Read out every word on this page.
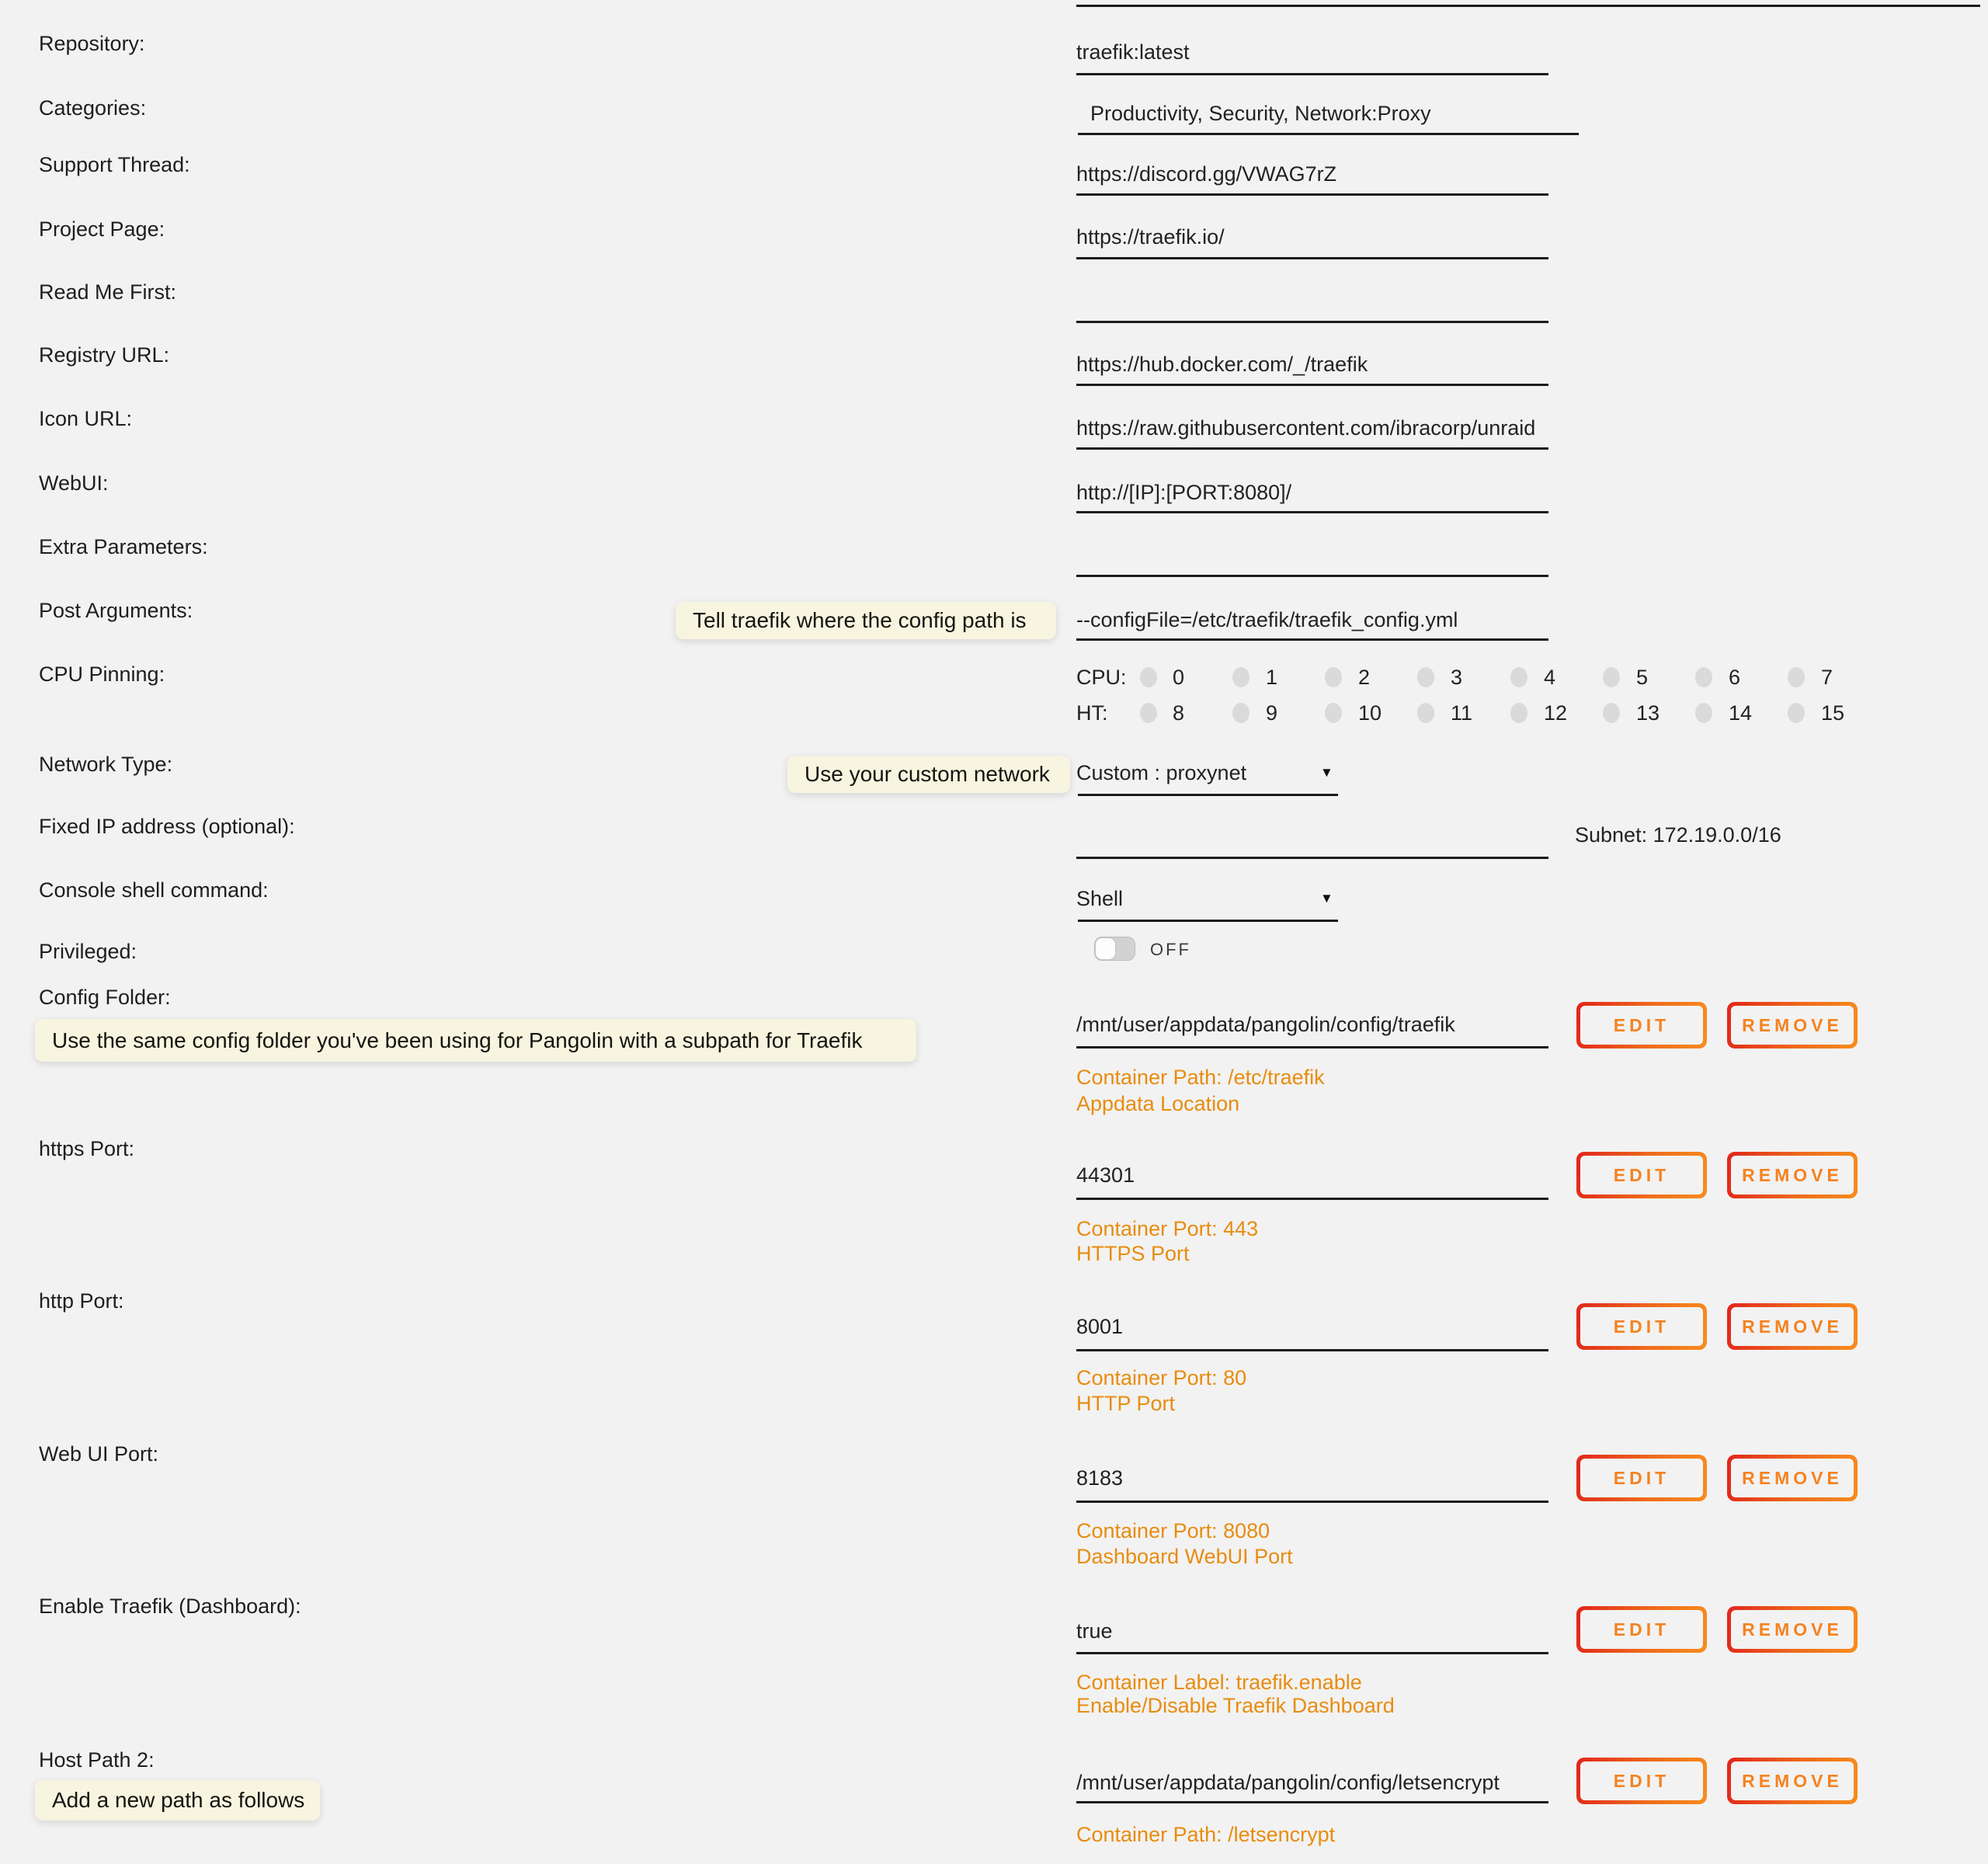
Repository:	traefik:latest
Categories:	Productivity, Security, Network:Proxy
Support Thread:	https://discord.gg/VWAG7rZ
Project Page:	https://traefik.io/
Read Me First:
Registry URL:	https://hub.docker.com/_/traefik
Icon URL:	https://raw.githubusercontent.com/ibracorp/unraid
WebUI:	http://[IP]:[PORT:8080]/
Extra Parameters:
Post Arguments:	Tell traefik where the config path is --configFile=/etc/traefik/traefik_config.yml
CPU Pinning:	CPU: 0	1	2	3	4	5	6	7
HT:	8	9	10	11	12	13	14	15
Network Type:	Use your custom network Custom : proxynet	▼
Fixed IP address (optional):	Subnet: 172.19.0.0/16
Console shell command:	Shell	▼
Privileged:	OFF
Config Folder:
Use the same config folder you've been using for Pangolin with a subpath for Traefik
/mnt/user/appdata/pangolin/config/traefik	EDIT	REMOVE
Container Path: /etc/traefik
Appdata Location
https Port:
44301	EDIT	REMOVE
Container Port: 443
HTTPS Port
http Port:
8001	EDIT	REMOVE
Container Port: 80
HTTP Port
Web UI Port:
8183	EDIT	REMOVE
Container Port: 8080
Dashboard WebUI Port
Enable Traefik (Dashboard):
true	EDIT	REMOVE
Container Label: traefik.enable
Enable/Disable Traefik Dashboard
Host Path 2:
Add a new path as follows
/mnt/user/appdata/pangolin/config/letsencrypt	EDIT	REMOVE
Container Path: /letsencrypt
